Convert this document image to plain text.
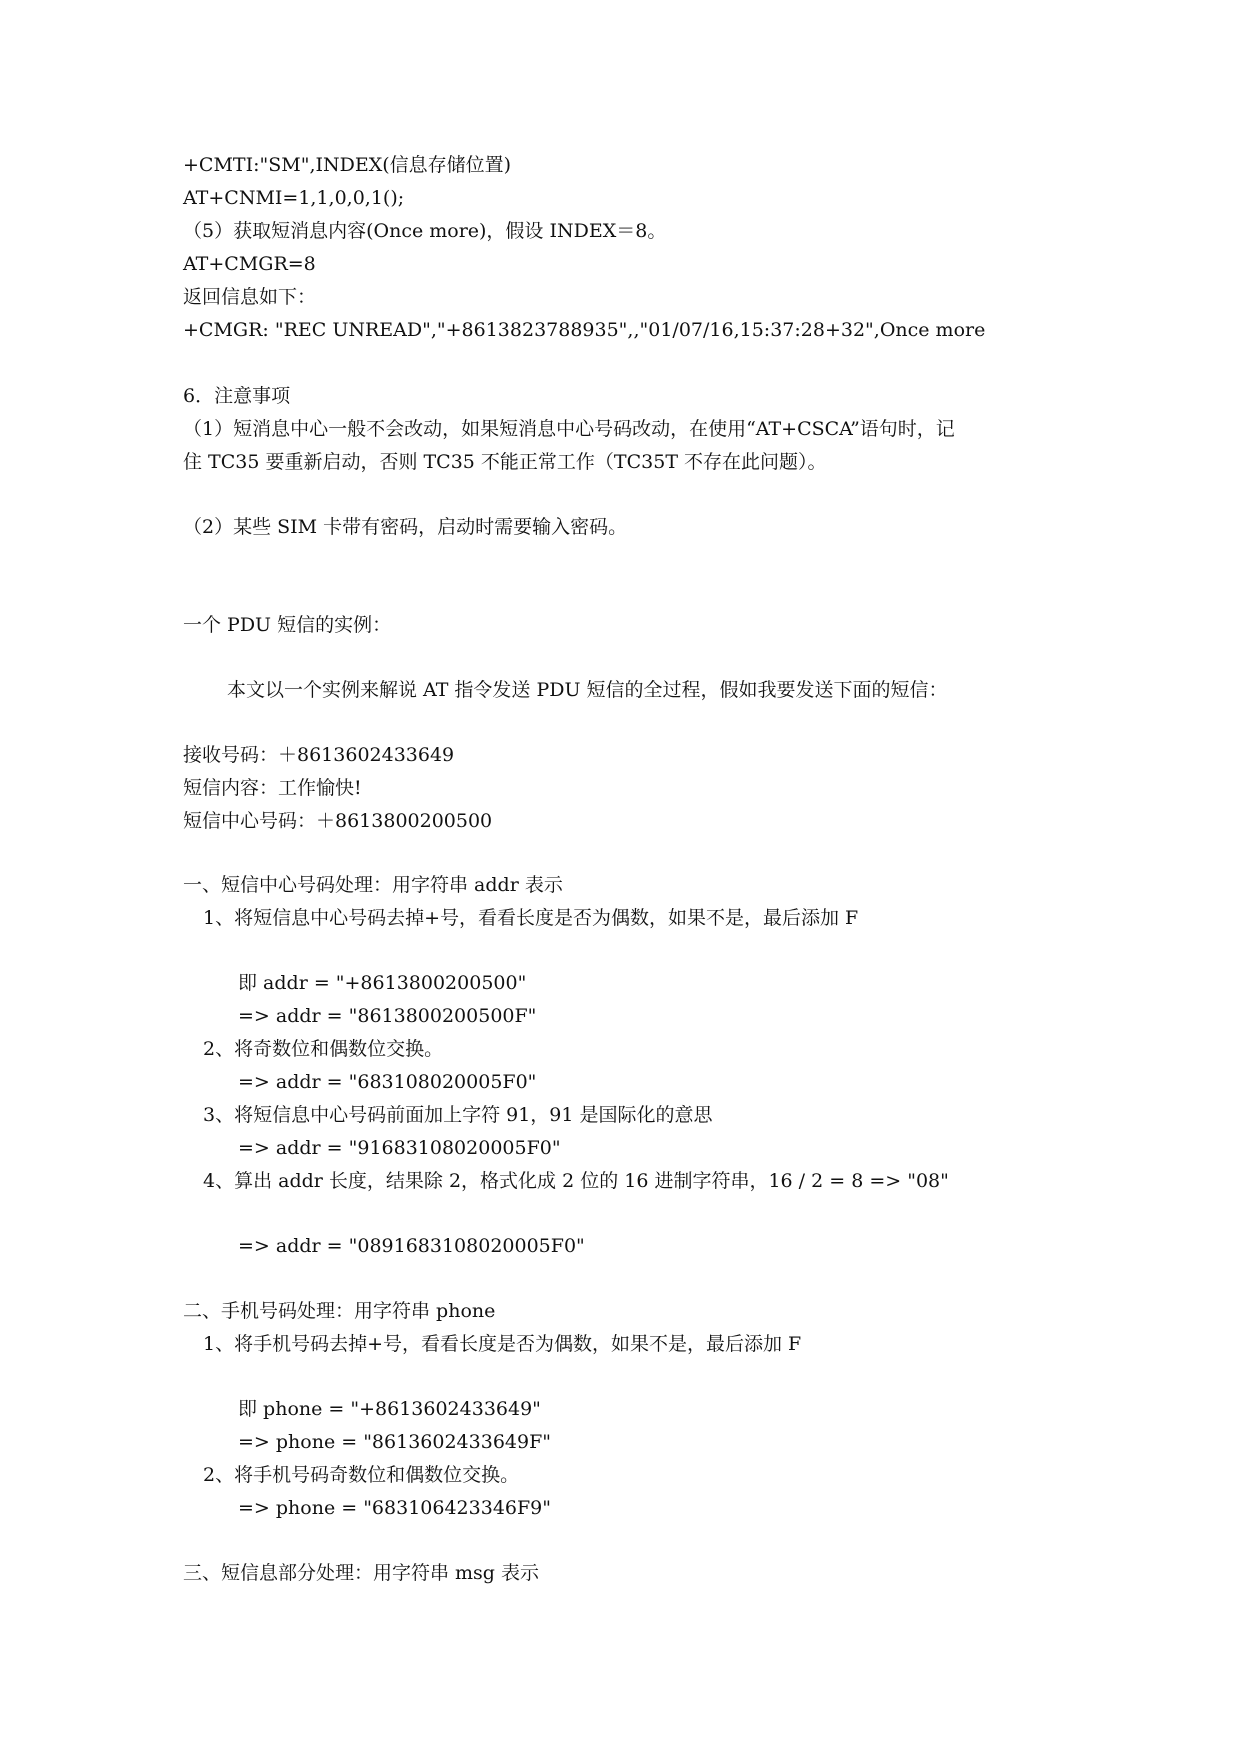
+CMTI:"SM",INDEX(信息存储位置)
AT+CNMI=1,1,0,0,1();
（5）获取短消息内容(Once more)，假设 INDEX＝8。
AT+CMGR=8
返回信息如下：
+CMGR: "REC UNREAD","+8613823788935",,"01/07/16,15:37:28+32",Once more
6．注意事项
（1）短消息中心一般不会改动，如果短消息中心号码改动，在使用“AT+CSCA”语句时，记
住 TC35 要重新启动，否则 TC35 不能正常工作（TC35T 不存在此问题）。
（2）某些 SIM 卡带有密码，启动时需要输入密码。
一个 PDU 短信的实例：
本文以一个实例来解说 AT 指令发送 PDU 短信的全过程，假如我要发送下面的短信：
接收号码：＋8613602433649
短信内容：工作愉快!
短信中心号码：＋8613800200500
一、短信中心号码处理：用字符串 addr 表示
1、将短信息中心号码去掉+号，看看长度是否为偶数，如果不是，最后添加 F
即 addr = "+8613800200500"
=> addr = "8613800200500F"
2、将奇数位和偶数位交换。
=> addr = "683108020005F0"
3、将短信息中心号码前面加上字符 91，91 是国际化的意思
=> addr = "91683108020005F0"
4、算出 addr 长度，结果除 2，格式化成 2 位的 16 进制字符串，16 / 2 = 8 => "08"
=> addr = "0891683108020005F0"
二、手机号码处理：用字符串 phone
1、将手机号码去掉+号，看看长度是否为偶数，如果不是，最后添加 F
即 phone = "+8613602433649"
=> phone = "8613602433649F"
2、将手机号码奇数位和偶数位交换。
=> phone = "683106423346F9"
三、短信息部分处理：用字符串 msg 表示
